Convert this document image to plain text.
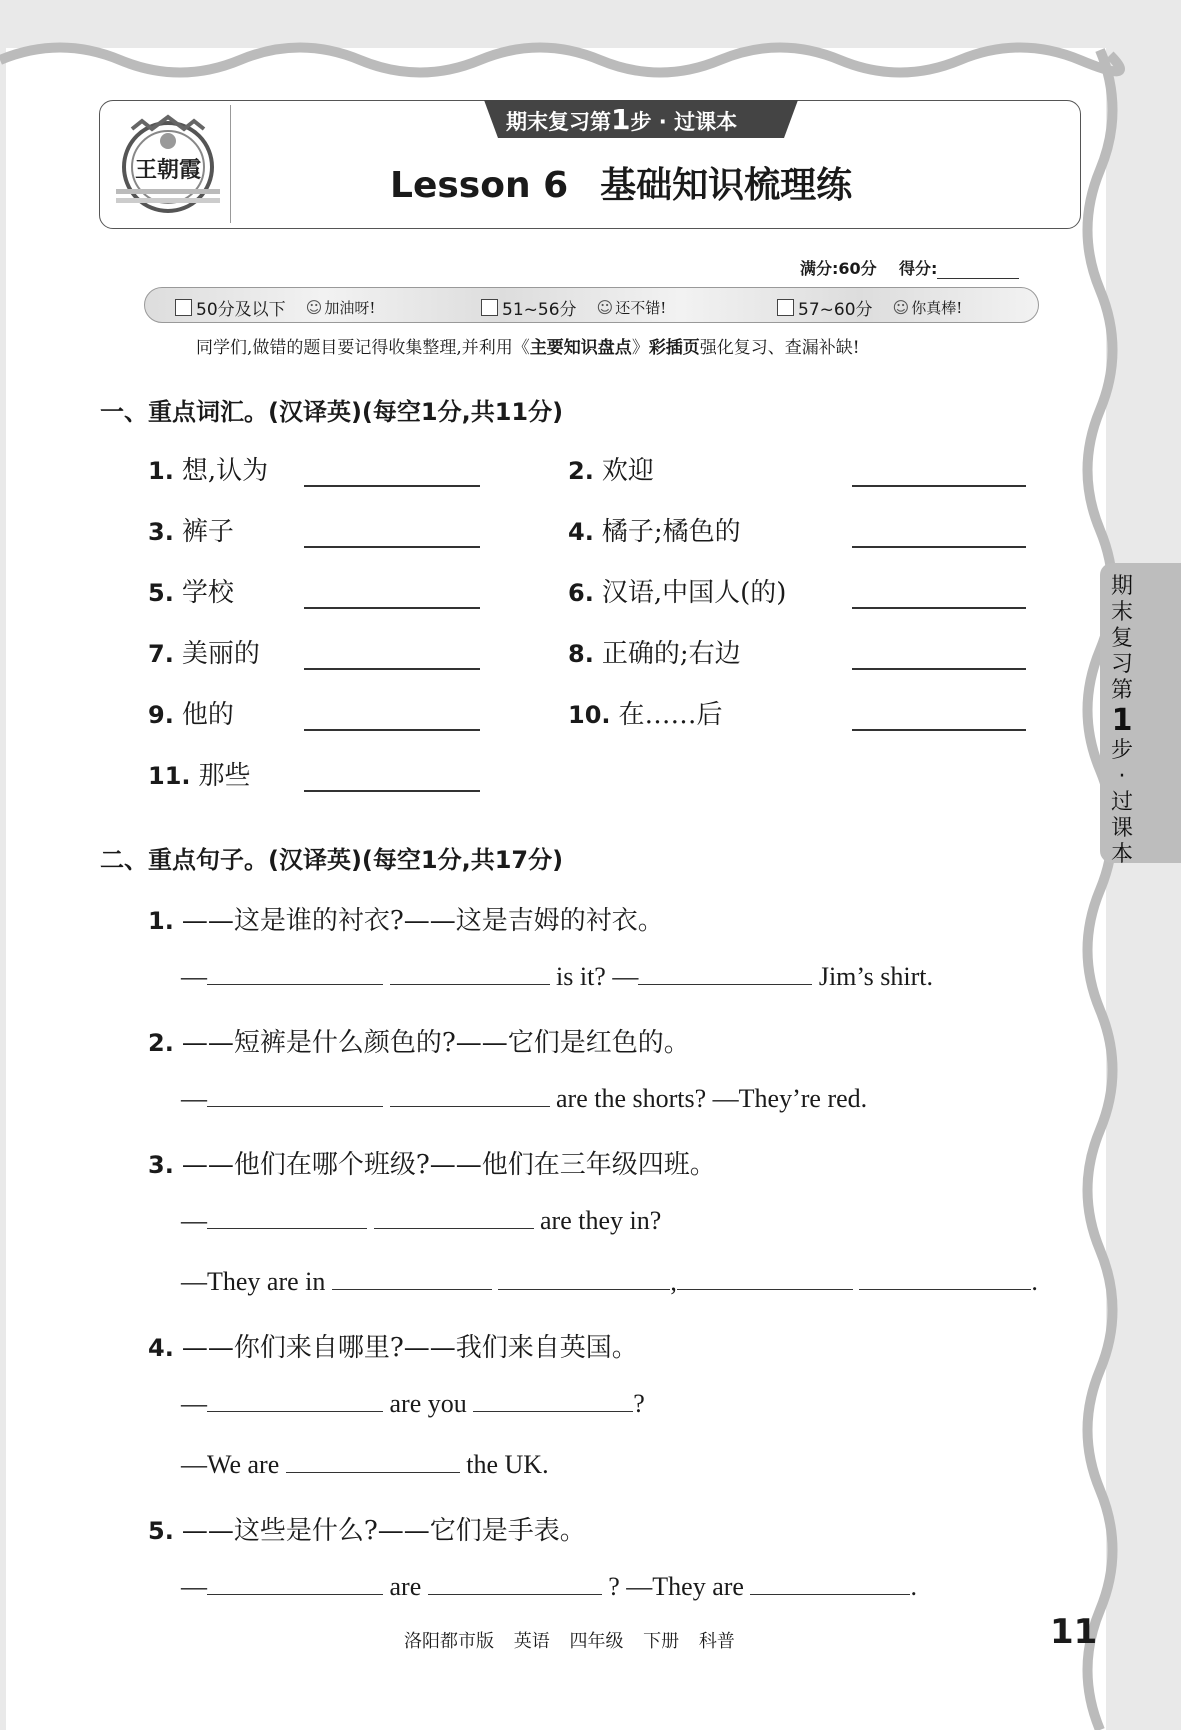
王朝霞
期末复习第1步 · 过课本
Lesson 6 基础知识梳理练
满分:60分 得分:
50分及以下 ☺ 加油呀!	51~56分 ☺ 还不错!	57~60分 ☺ 你真棒!
同学们,做错的题目要记得收集整理,并利用《主要知识盘点》彩插页强化复习、查漏补缺!
一、重点词汇。(汉译英)(每空1分,共11分)
1. 想,认为	2. 欢迎
3. 裤子	4. 橘子;橘色的
5. 学校	6. 汉语,中国人(的)
7. 美丽的	8. 正确的;右边
9. 他的	10. 在……后
11. 那些
二、重点句子。(汉译英)(每空1分,共17分)
1. ——这是谁的衬衣?——这是吉姆的衬衣。
—	is it? —	Jim’s shirt.
2. ——短裤是什么颜色的?——它们是红色的。
—	are the shorts? —They’re red.
3. ——他们在哪个班级?——他们在三年级四班。
—	are they in?
—They are in	,	.
4. ——你们来自哪里?——我们来自英国。
—	are you	?
—We are	the UK.
5. ——这些是什么?——它们是手表。
—	are	? —They are	.
期
末
复
习
第
1
步
·
过
课
本
洛阳都市版 英语 四年级 下册 科普	11
